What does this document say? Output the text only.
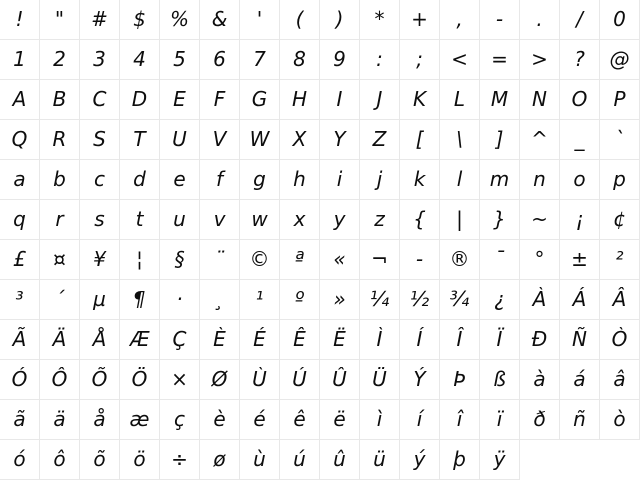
!	"	#	$	%	&	'	(	)	*	+	,	-	.	/	0
1	2	3	4	5	6	7	8	9	:	;	<	=	>	?	@
A	B	C	D	E	F	G	H	I	J	K	L	M	N	O	P
Q	R	S	T	U	V	W	X	Y	Z	[	\	]	^	_	`
a	b	c	d	e	f	g	h	i	j	k	l	m	n	o	p
q	r	s	t	u	v	w	x	y	z	{	|	}	~	¡	¢
£	¤	¥	¦	§	¨	©	ª	«	¬	-	®	¯	°	±	²
³	´	µ	¶	·	¸	¹	º	»	¼	½	¾	¿	À	Á	Â
Ã	Ä	Å	Æ	Ç	È	É	Ê	Ë	Ì	Í	Î	Ï	Ð	Ñ	Ò
Ó	Ô	Õ	Ö	×	Ø	Ù	Ú	Û	Ü	Ý	Þ	ß	à	á	â
ã	ä	å	æ	ç	è	é	ê	ë	ì	í	î	ï	ð	ñ	ò
ó	ô	õ	ö	÷	ø	ù	ú	û	ü	ý	þ	ÿ
